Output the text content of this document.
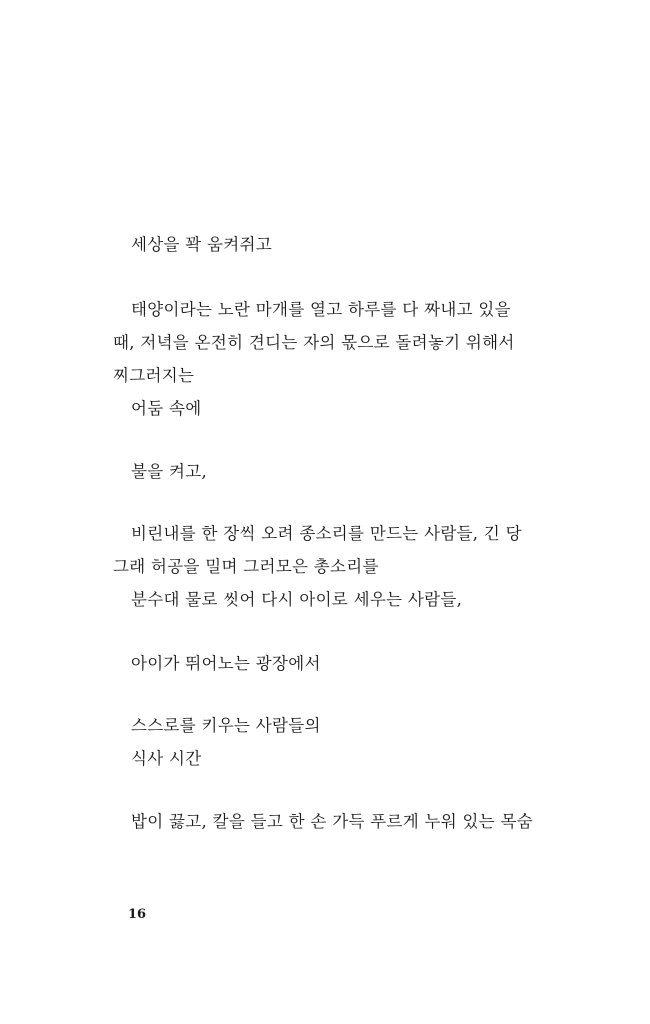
세상을 꽉 움켜쥐고
태양이라는 노란 마개를 열고 하루를 다 짜내고 있을
때, 저녁을 온전히 견디는 자의 몫으로 돌려놓기 위해서
찌그러지는
어둠 속에
불을 켜고,
비린내를 한 장씩 오려 종소리를 만드는 사람들, 긴 당
그래 허공을 밀며 그러모은 총소리를
분수대 물로 씻어 다시 아이로 세우는 사람들,
아이가 뛰어노는 광장에서
스스로를 키우는 사람들의
식사 시간
밥이 끓고, 칼을 들고 한 손 가득 푸르게 누워 있는 목숨
16
